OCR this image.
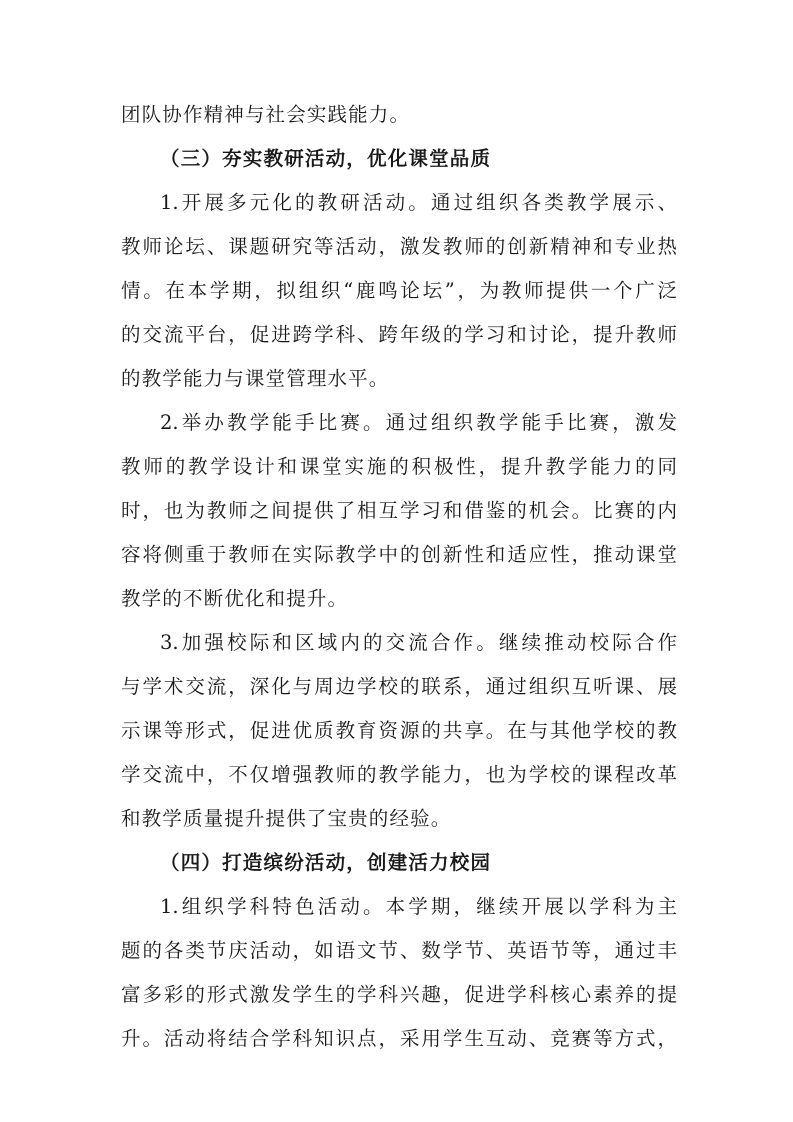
团队协作精神与社会实践能力。
（三）夯实教研活动，优化课堂品质
1.开展多元化的教研活动。通过组织各类教学展示、
教师论坛、课题研究等活动，激发教师的创新精神和专业热
情。在本学期，拟组织“鹿鸣论坛”，为教师提供一个广泛
的交流平台，促进跨学科、跨年级的学习和讨论，提升教师
的教学能力与课堂管理水平。
2.举办教学能手比赛。通过组织教学能手比赛，激发
教师的教学设计和课堂实施的积极性，提升教学能力的同
时，也为教师之间提供了相互学习和借鉴的机会。比赛的内
容将侧重于教师在实际教学中的创新性和适应性，推动课堂
教学的不断优化和提升。
3.加强校际和区域内的交流合作。继续推动校际合作
与学术交流，深化与周边学校的联系，通过组织互听课、展
示课等形式，促进优质教育资源的共享。在与其他学校的教
学交流中，不仅增强教师的教学能力，也为学校的课程改革
和教学质量提升提供了宝贵的经验。
（四）打造缤纷活动，创建活力校园
1.组织学科特色活动。本学期，继续开展以学科为主
题的各类节庆活动，如语文节、数学节、英语节等，通过丰
富多彩的形式激发学生的学科兴趣，促进学科核心素养的提
升。活动将结合学科知识点，采用学生互动、竞赛等方式，
